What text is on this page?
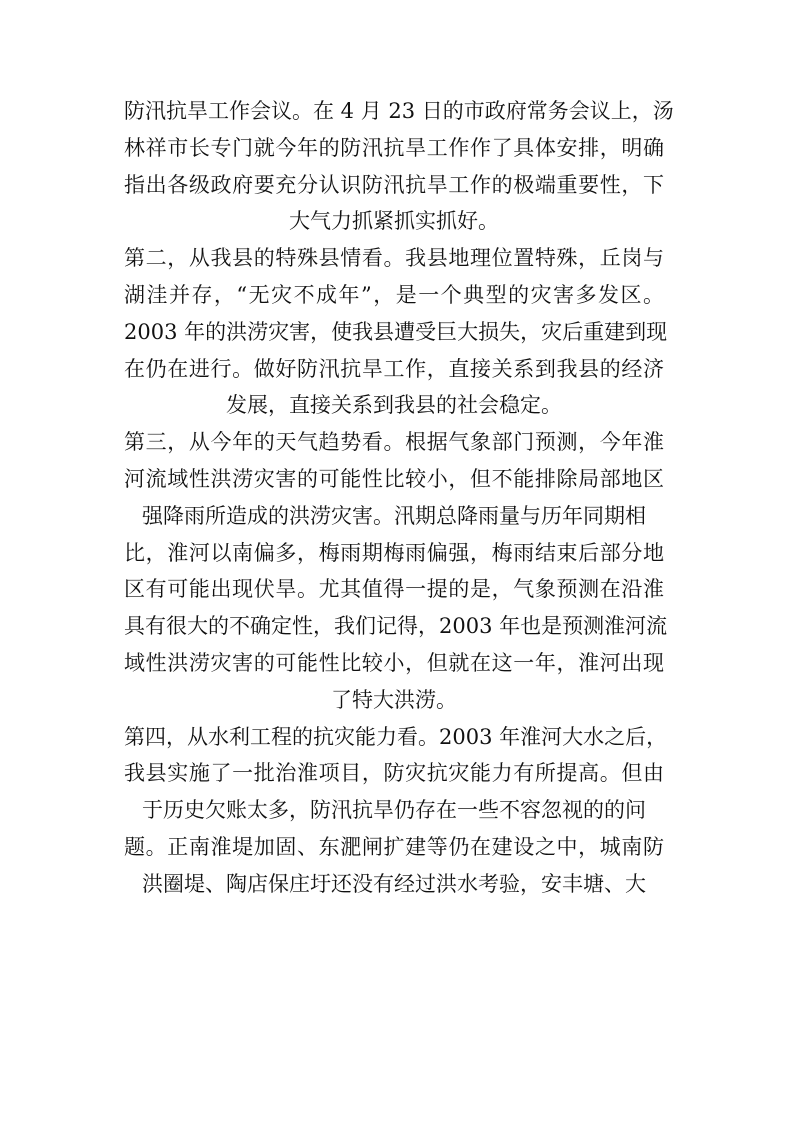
防汛抗旱工作会议。在 4 月 23 日的市政府常务会议上，汤
林祥市长专门就今年的防汛抗旱工作作了具体安排，明确
指出各级政府要充分认识防汛抗旱工作的极端重要性，下
大气力抓紧抓实抓好。
第二，从我县的特殊县情看。我县地理位置特殊，丘岗与
湖洼并存，“无灾不成年”，是一个典型的灾害多发区。
2003 年的洪涝灾害，使我县遭受巨大损失，灾后重建到现
在仍在进行。做好防汛抗旱工作，直接关系到我县的经济
发展，直接关系到我县的社会稳定。
第三，从今年的天气趋势看。根据气象部门预测，今年淮
河流域性洪涝灾害的可能性比较小，但不能排除局部地区
强降雨所造成的洪涝灾害。汛期总降雨量与历年同期相
比，淮河以南偏多，梅雨期梅雨偏强，梅雨结束后部分地
区有可能出现伏旱。尤其值得一提的是，气象预测在沿淮
具有很大的不确定性，我们记得，2003 年也是预测淮河流
域性洪涝灾害的可能性比较小，但就在这一年，淮河出现
了特大洪涝。
第四，从水利工程的抗灾能力看。2003 年淮河大水之后，
我县实施了一批治淮项目，防灾抗灾能力有所提高。但由
于历史欠账太多，防汛抗旱仍存在一些不容忽视的的问
题。正南淮堤加固、东淝闸扩建等仍在建设之中，城南防
洪圈堤、陶店保庄圩还没有经过洪水考验，安丰塘、大
